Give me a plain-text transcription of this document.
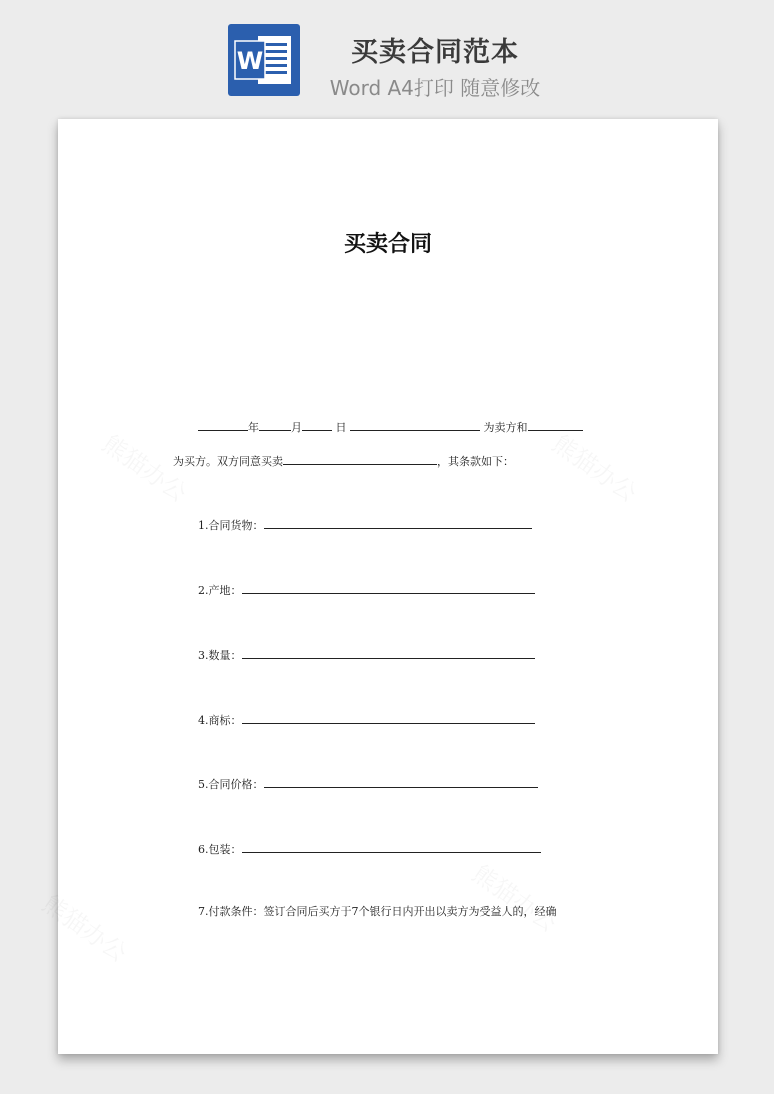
W	买卖合同范本
Word A4打印 随意修改
买卖合同
年	月	日	为卖方和
为买方。双方同意买卖	，其条款如下：
1.合同货物：
2.产地：
3.数量：
4.商标：
5.合同价格：
6.包装：
7.付款条件：签订合同后买方于7个银行日内开出以卖方为受益人的，经确
